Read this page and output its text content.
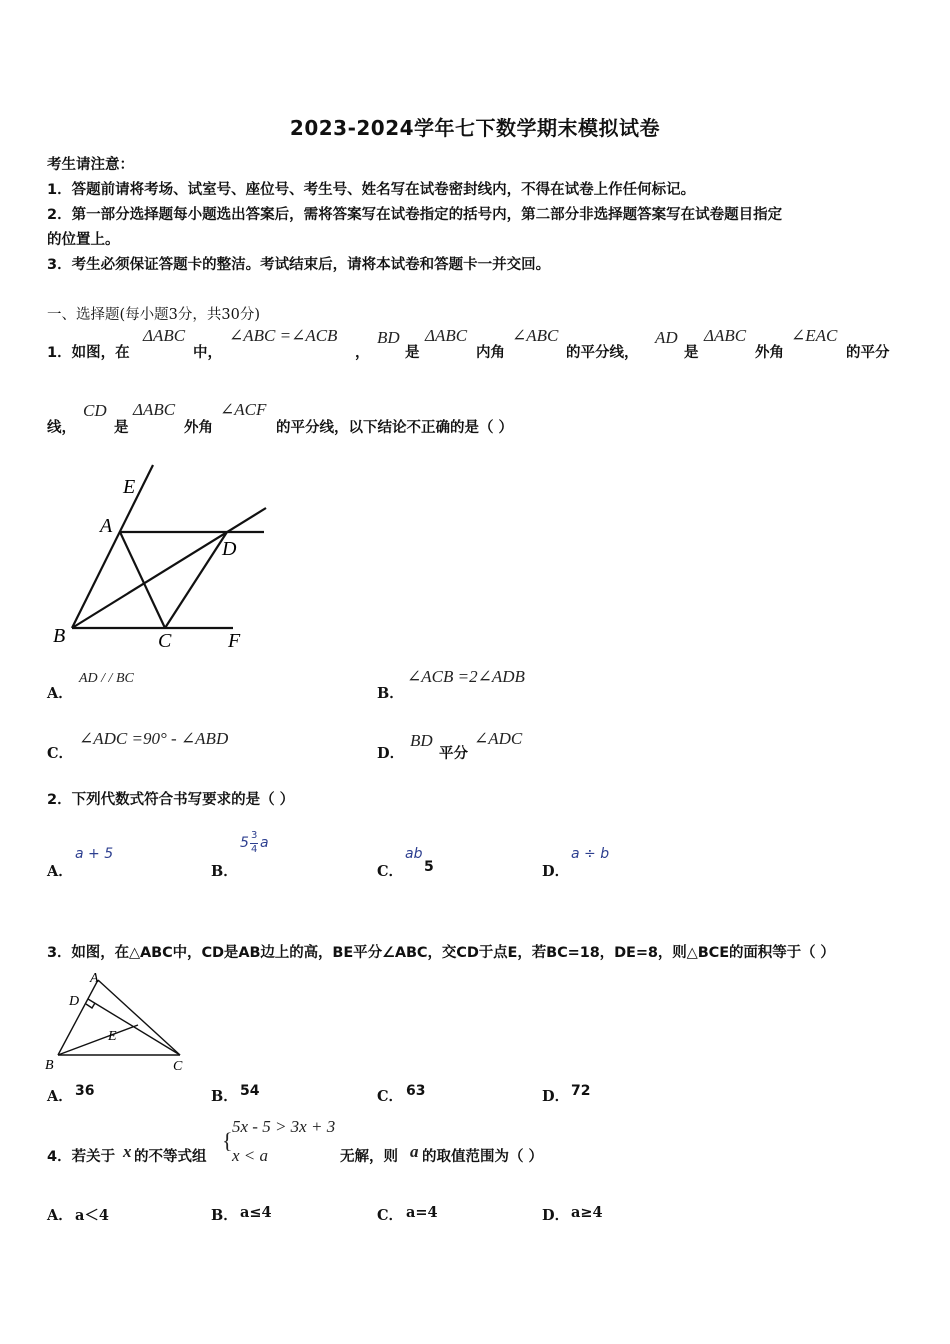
2023-2024学年七下数学期末模拟试卷
考生请注意：
1．答题前请将考场、试室号、座位号、考生号、姓名写在试卷密封线内，不得在试卷上作任何标记。
2．第一部分选择题每小题选出答案后，需将答案写在试卷指定的括号内，第二部分非选择题答案写在试卷题目指定
的位置上。
3．考生必须保证答题卡的整洁。考试结束后，请将本试卷和答题卡一并交回。
一、选择题(每小题3分，共30分)
1．如图，在
ΔABC
中，
∠ABC =∠ACB
，
BD
是
ΔABC
内角
∠ABC
的平分线，
AD
是
ΔABC
外角
∠EAC
的平分
线，
CD
是
ΔABC
外角
∠ACF
的平分线，以下结论不正确的是（ ）
E
A
D
B	C	F
A．
AD / / BC
B．
∠ACB =2∠ADB
C．
∠ADC =90° - ∠ABD
D．
BD
平分
∠ADC
2．下列代数式符合书写要求的是（ ）
A．
a + 5
B．
5 3
4 a
C．
ab
5	D．
a ÷ b
3．如图，在△ABC中，CD是AB边上的高，BE平分∠ABC，交CD于点E，若BC=18，DE=8，则△BCE的面积等于（ ）
A
D
E
B	C
A． 36	B． 54	C． 63	D． 72
4．若关于 x 的不等式组
{
5x - 5 > 3x + 3
x < a	无解，则 a 的取值范围为（ ）
A． a＜4	B． a≤4	C． a=4	D． a≥4
